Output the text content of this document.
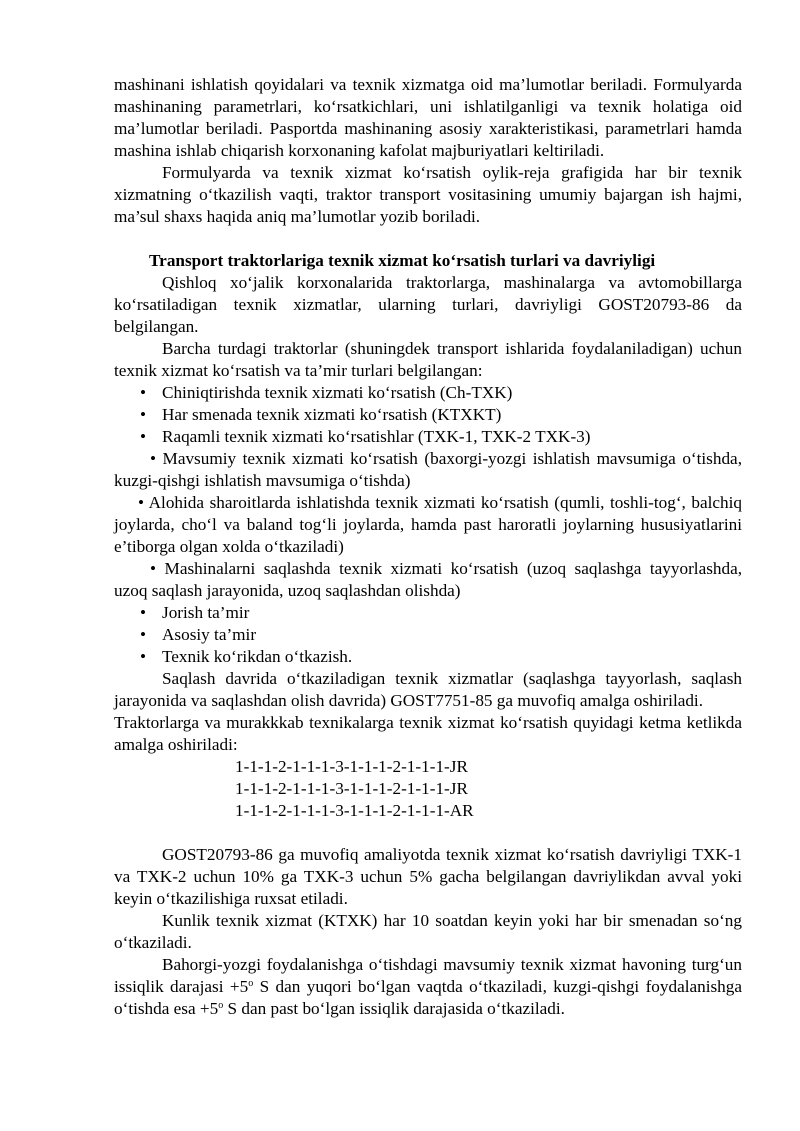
mashinani ishlatish qoyidalari va texnik xizmatga oid ma’lumotlar beriladi. Formulyarda mashinaning parametrlari, ko‘rsatkichlari, uni ishlatilganligi va texnik holatiga oid ma’lumotlar beriladi. Pasportda mashinaning asosiy xarakteristikasi, parametrlari hamda mashina ishlab chiqarish korxonaning kafolat majburiyatlari keltiriladi.

Formulyarda va texnik xizmat ko‘rsatish oylik-reja grafigida har bir texnik xizmatning o‘tkazilish vaqti, traktor transport vositasining umumiy bajargan ish hajmi, ma’sul shaxs haqida aniq ma’lumotlar yozib boriladi.

Transport traktorlariga texnik xizmat ko‘rsatish turlari va davriyligi

Qishloq xo‘jalik korxonalarida traktorlarga, mashinalarga va avtomobillarga ko‘rsatiladigan texnik xizmatlar, ularning turlari, davriyligi GOST20793-86 da belgilangan.

Barcha turdagi traktorlar (shuningdek transport ishlarida foydalaniladigan) uchun texnik xizmat ko‘rsatish va ta’mir turlari belgilangan:

• Chiniqtirishda texnik xizmati ko‘rsatish (Ch-TXK)
• Har smenada texnik xizmati ko‘rsatish (KTXKT)
• Raqamli texnik xizmati ko‘rsatishlar (TXK-1, TXK-2 TXK-3)
• Mavsumiy texnik xizmati ko‘rsatish (baxorgi-yozgi ishlatish mavsumiga o‘tishda, kuzgi-qishgi ishlatish mavsumiga o‘tishda)
• Alohida sharoitlarda ishlatishda texnik xizmati ko‘rsatish (qumli, toshli-tog‘, balchiq joylarda, cho‘l va baland tog‘li joylarda, hamda past haroratli joylarning hususiyatlarini e’tiborga olgan xolda o‘tkaziladi)
• Mashinalarni saqlashda texnik xizmati ko‘rsatish (uzoq saqlashga tayyorlashda, uzoq saqlash jarayonida, uzoq saqlashdan olishda)
• Jorish ta’mir
• Asosiy ta’mir
• Texnik ko‘rikdan o‘tkazish.

Saqlash davrida o‘tkaziladigan texnik xizmatlar (saqlashga tayyorlash, saqlash jarayonida va saqlashdan olish davrida) GOST7751-85 ga muvofiq amalga oshiriladi.

Traktorlarga va murakkkab texnikalarga texnik xizmat ko‘rsatish quyidagi ketma ketlikda amalga oshiriladi:

1-1-1-2-1-1-1-3-1-1-1-2-1-1-1-JR

1-1-1-2-1-1-1-3-1-1-1-2-1-1-1-JR

1-1-1-2-1-1-1-3-1-1-1-2-1-1-1-AR

GOST20793-86 ga muvofiq amaliyotda texnik xizmat ko‘rsatish davriyligi TXK-1 va TXK-2 uchun 10% ga TXK-3 uchun 5% gacha belgilangan davriylikdan avval yoki keyin o‘tkazilishiga ruxsat etiladi.

Kunlik texnik xizmat (KTXK) har 10 soatdan keyin yoki har bir smenadan so‘ng o‘tkaziladi.

Bahorgi-yozgi foydalanishga o‘tishdagi mavsumiy texnik xizmat havoning turg‘un issiqlik darajasi $+5^o$ S dan yuqori bo‘lgan vaqtda o‘tkaziladi, kuzgi-qishgi foydalanishga o‘tishda esa $+5^o$ S dan past bo‘lgan issiqlik darajasida o‘tkaziladi.
